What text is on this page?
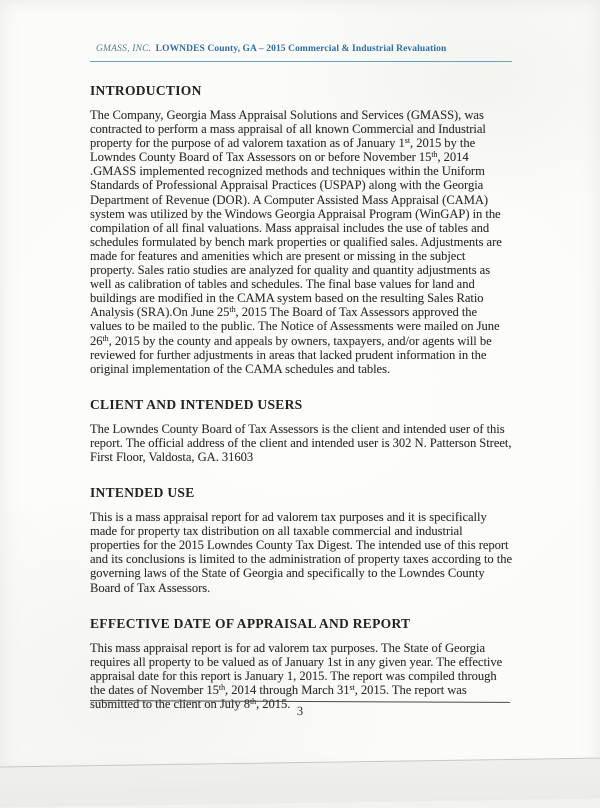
GMASS, INC. LOWNDES County, GA – 2015 Commercial & Industrial Revaluation
INTRODUCTION

The Company, Georgia Mass Appraisal Solutions and Services (GMASS), was contracted to perform a mass appraisal of all known Commercial and Industrial property for the purpose of ad valorem taxation as of January 1st, 2015 by the Lowndes County Board of Tax Assessors on or before November 15th, 2014 .GMASS implemented recognized methods and techniques within the Uniform Standards of Professional Appraisal Practices (USPAP) along with the Georgia Department of Revenue (DOR). A Computer Assisted Mass Appraisal (CAMA) system was utilized by the Windows Georgia Appraisal Program (WinGAP) in the compilation of all final valuations. Mass appraisal includes the use of tables and schedules formulated by bench mark properties or qualified sales. Adjustments are made for features and amenities which are present or missing in the subject property. Sales ratio studies are analyzed for quality and quantity adjustments as well as calibration of tables and schedules. The final base values for land and buildings are modified in the CAMA system based on the resulting Sales Ratio Analysis (SRA).On June 25th, 2015 The Board of Tax Assessors approved the values to be mailed to the public. The Notice of Assessments were mailed on June 26th, 2015 by the county and appeals by owners, taxpayers, and/or agents will be reviewed for further adjustments in areas that lacked prudent information in the original implementation of the CAMA schedules and tables.

CLIENT AND INTENDED USERS

The Lowndes County Board of Tax Assessors is the client and intended user of this report. The official address of the client and intended user is 302 N. Patterson Street, First Floor, Valdosta, GA. 31603

INTENDED USE

This is a mass appraisal report for ad valorem tax purposes and it is specifically made for property tax distribution on all taxable commercial and industrial properties for the 2015 Lowndes County Tax Digest. The intended use of this report and its conclusions is limited to the administration of property taxes according to the governing laws of the State of Georgia and specifically to the Lowndes County Board of Tax Assessors.

EFFECTIVE DATE OF APPRAISAL AND REPORT

This mass appraisal report is for ad valorem tax purposes. The State of Georgia requires all property to be valued as of January 1st in any given year. The effective appraisal date for this report is January 1, 2015. The report was compiled through the dates of November 15th, 2014 through March 31st, 2015. The report was submitted to the client on July 8th, 2015. 3
